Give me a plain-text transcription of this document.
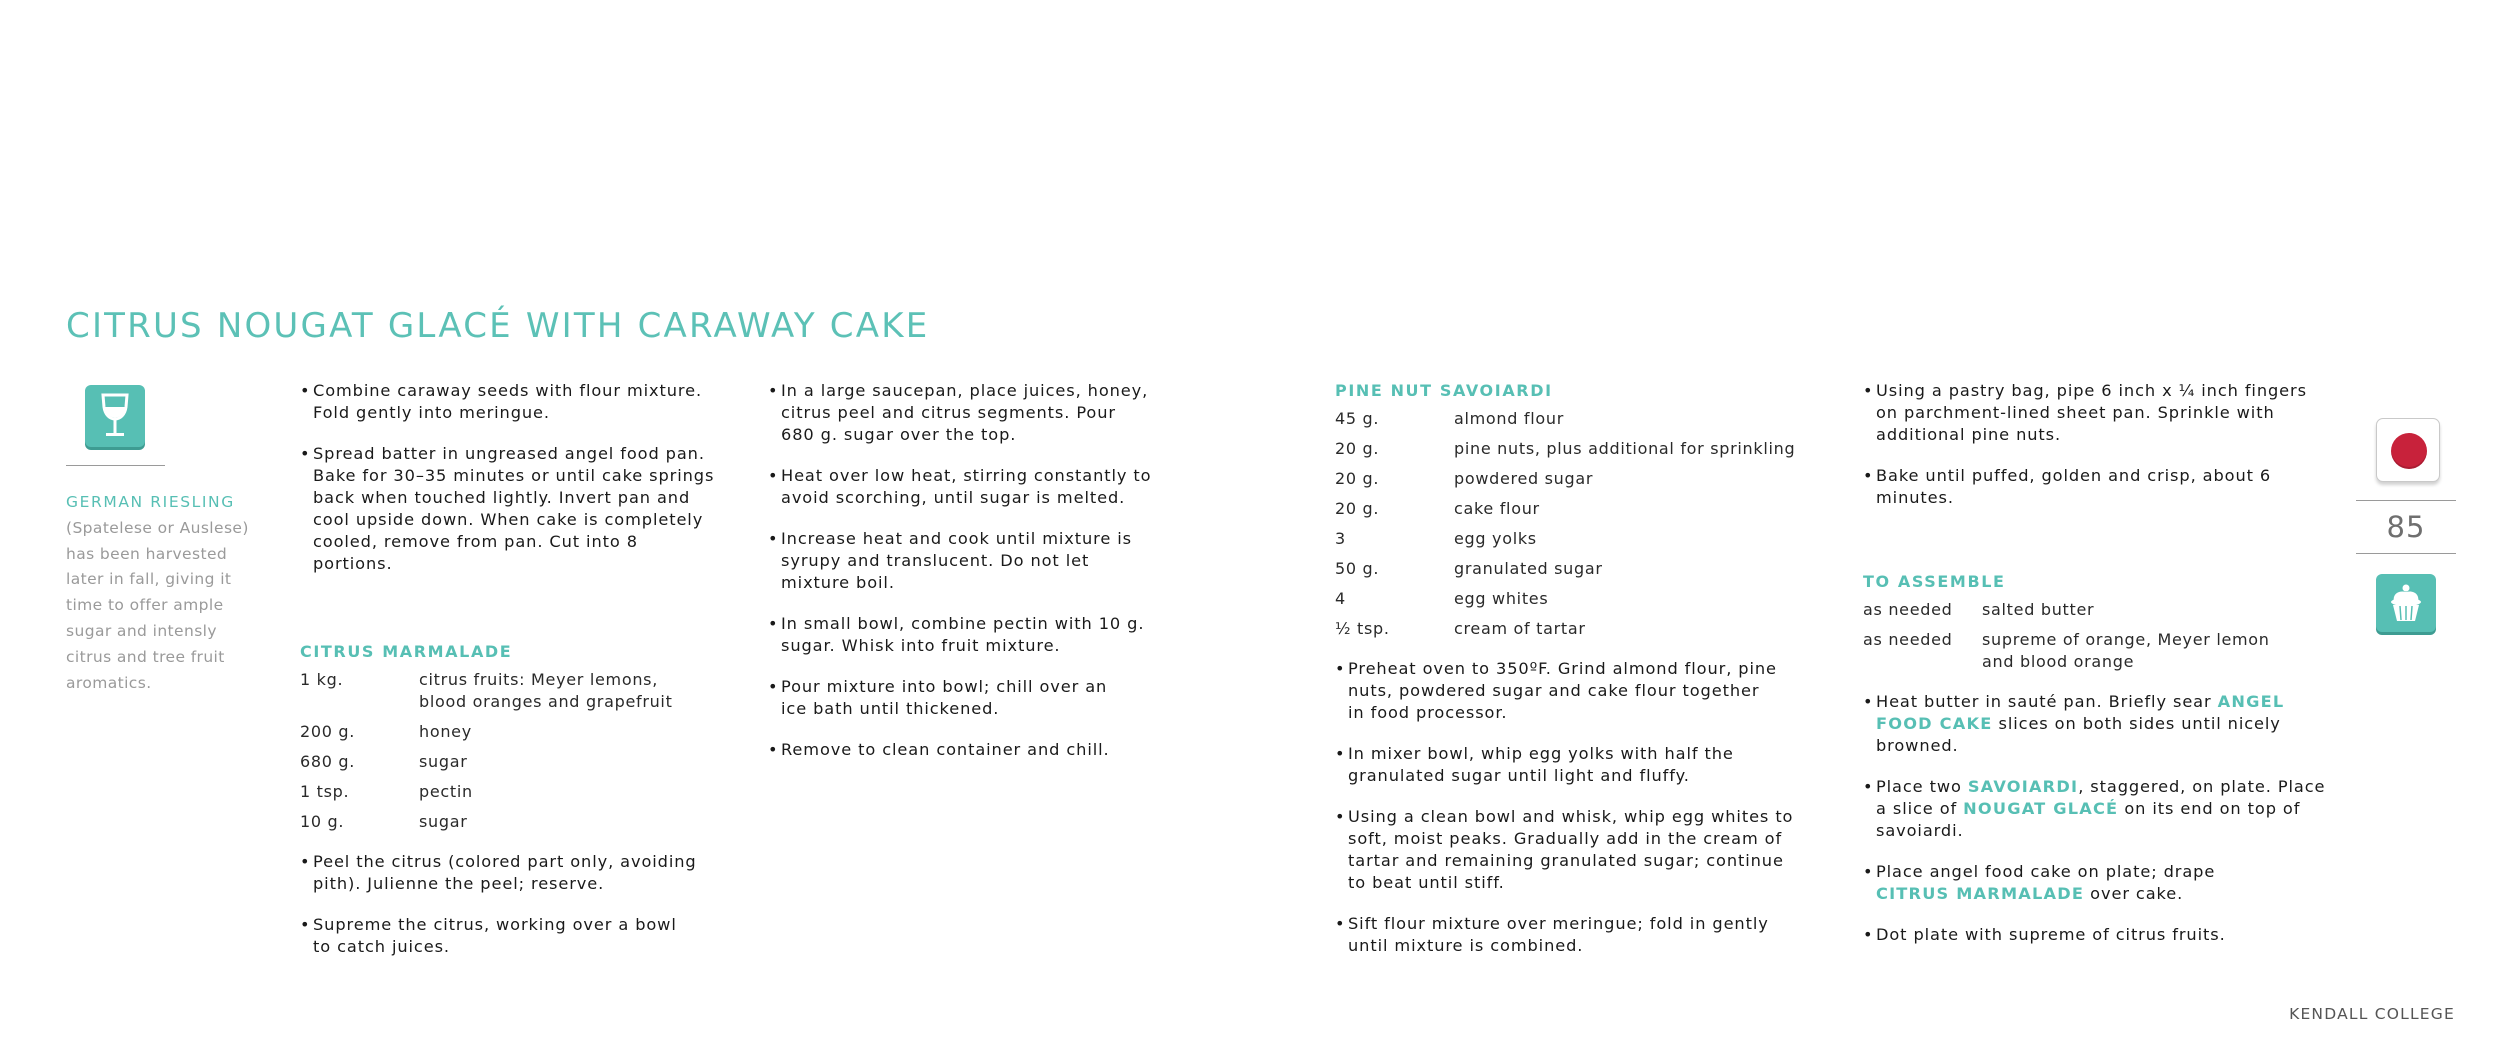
CITRUS NOUGAT GLACÉ WITH CARAWAY CAKE
GERMAN RIESLING
(Spatelese or Auslese) has been harvested later in fall, giving it time to offer ample sugar and intensly citrus and tree fruit aromatics.
• Combine caraway seeds with flour mixture. Fold gently into meringue.
• Spread batter in ungreased angel food pan. Bake for 30–35 minutes or until cake springs back when touched lightly. Invert pan and cool upside down. When cake is completely cooled, remove from pan. Cut into 8 portions.
CITRUS MARMALADE
1 kg.	citrus fruits: Meyer lemons, blood oranges and grapefruit
200 g.	honey
680 g.	sugar
1 tsp.	pectin
10 g.	sugar
• Peel the citrus (colored part only, avoiding pith). Julienne the peel; reserve.
• Supreme the citrus, working over a bowl to catch juices.
• In a large saucepan, place juices, honey, citrus peel and citrus segments. Pour 680 g. sugar over the top.
• Heat over low heat, stirring constantly to avoid scorching, until sugar is melted.
• Increase heat and cook until mixture is syrupy and translucent. Do not let mixture boil.
• In small bowl, combine pectin with 10 g. sugar. Whisk into fruit mixture.
• Pour mixture into bowl; chill over an ice bath until thickened.
• Remove to clean container and chill.
PINE NUT SAVOIARDI
45 g.	almond flour
20 g.	pine nuts, plus additional for sprinkling
20 g.	powdered sugar
20 g.	cake flour
3	egg yolks
50 g.	granulated sugar
4	egg whites
½ tsp.	cream of tartar
• Preheat oven to 350ºF. Grind almond flour, pine nuts, powdered sugar and cake flour together in food processor.
• In mixer bowl, whip egg yolks with half the granulated sugar until light and fluffy.
• Using a clean bowl and whisk, whip egg whites to soft, moist peaks. Gradually add in the cream of tartar and remaining granulated sugar; continue to beat until stiff.
• Sift flour mixture over meringue; fold in gently until mixture is combined.
• Using a pastry bag, pipe 6 inch x ¼ inch fingers on parchment-lined sheet pan. Sprinkle with additional pine nuts.
• Bake until puffed, golden and crisp, about 6 minutes.
TO ASSEMBLE
as needed	salted butter
as needed	supreme of orange, Meyer lemon and blood orange
• Heat butter in sauté pan. Briefly sear ANGEL FOOD CAKE slices on both sides until nicely browned.
• Place two SAVOIARDI, staggered, on plate. Place a slice of NOUGAT GLACÉ on its end on top of savoiardi.
• Place angel food cake on plate; drape CITRUS MARMALADE over cake.
• Dot plate with supreme of citrus fruits.
85
KENDALL COLLEGE
